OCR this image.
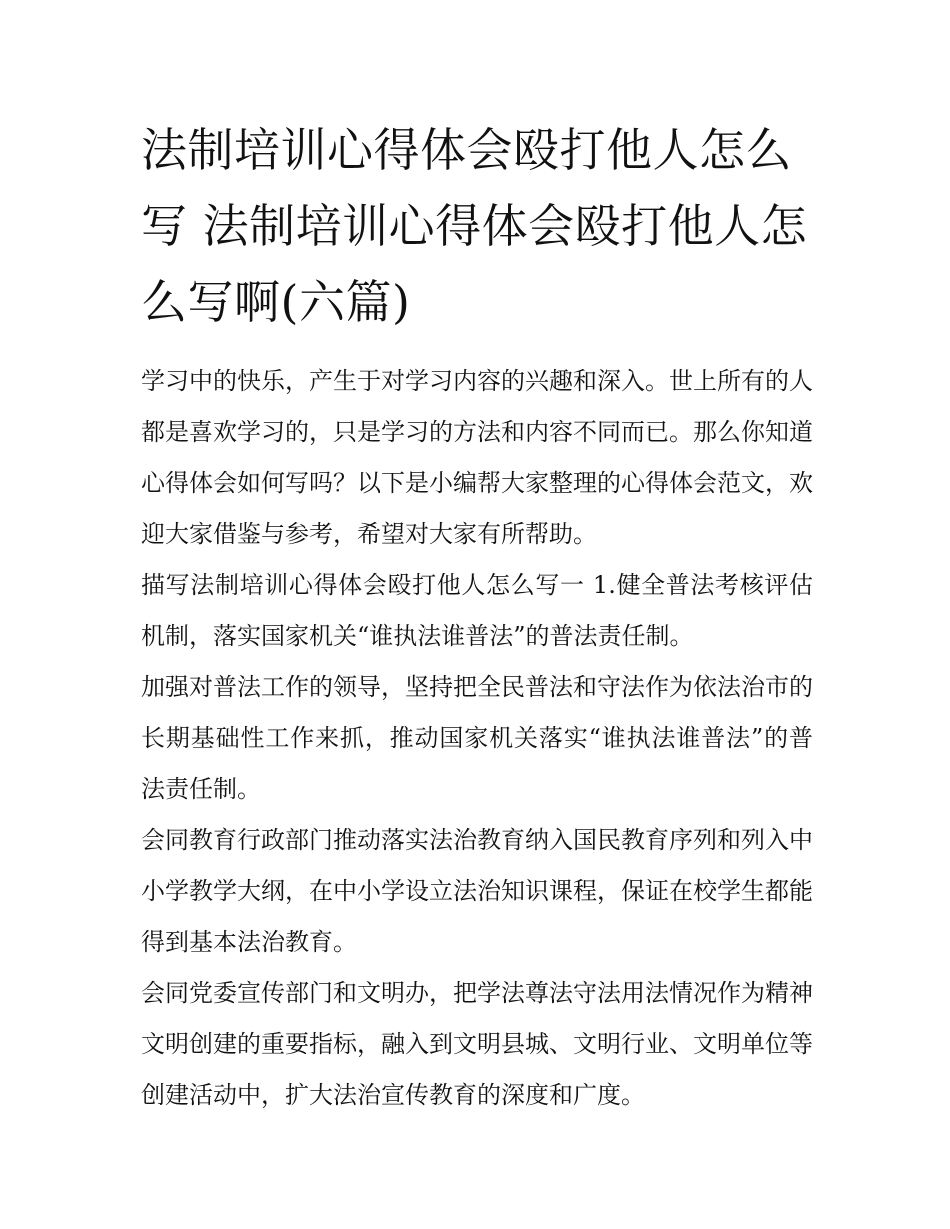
法制培训心得体会殴打他人怎么写 法制培训心得体会殴打他人怎么写啊(六篇)

学习中的快乐，产生于对学习内容的兴趣和深入。世上所有的人都是喜欢学习的，只是学习的方法和内容不同而已。那么你知道心得体会如何写吗？以下是小编帮大家整理的心得体会范文，欢迎大家借鉴与参考，希望对大家有所帮助。

描写法制培训心得体会殴打他人怎么写一 1.健全普法考核评估机制，落实国家机关“谁执法谁普法”的普法责任制。

加强对普法工作的领导，坚持把全民普法和守法作为依法治市的长期基础性工作来抓，推动国家机关落实“谁执法谁普法”的普法责任制。

会同教育行政部门推动落实法治教育纳入国民教育序列和列入中小学教学大纲，在中小学设立法治知识课程，保证在校学生都能得到基本法治教育。

会同党委宣传部门和文明办，把学法尊法守法用法情况作为精神文明创建的重要指标，融入到文明县城、文明行业、文明单位等创建活动中，扩大法治宣传教育的深度和广度。
